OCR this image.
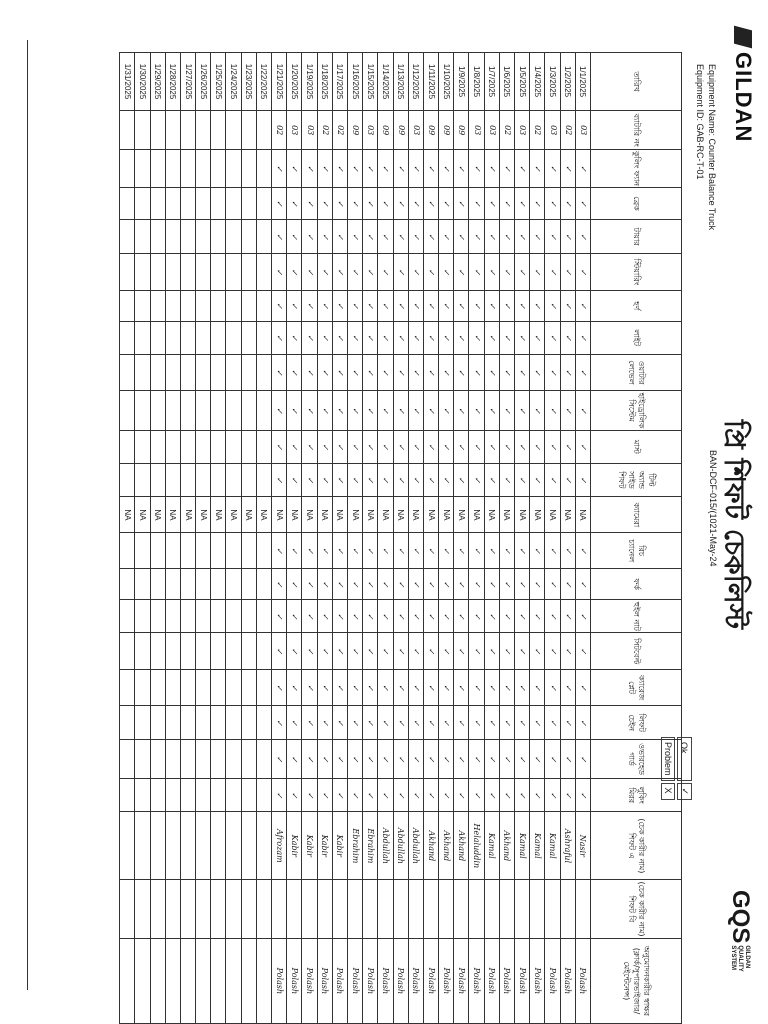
GILDAN
Equipment Name: Counter Balance Truck
Equipment ID: GAB-RC-T-01
প্রি শিফট চেকলিস্ট
BAN-DCF-015/(1021-May-24
GQSGILDAN QUALITY SYSTEM
Ok	✓
Problem	X
তারিখ	ব্যাটারি নং	কুলিং ফ্যান	ব্রেক	টায়ার	স্টিয়ারিং	হর্ণ	লাইট	ওয়াটার লেভেল	হাইড্রোলিক সিস্টেম	মাস্ট	টিল্ট অ্যান্ড সাইড শিফট	ক্যামেরা	রিচ চ্যানেল	ফর্ক	হুইল নাট	সিটবেল্ট	ক্যারেজ প্লেট	লিফট চেইন	ওভারহেড গার্ড	লুকিং মিরর	(চেক কারীর নাম) শিফট এ	(চেক কারীর নাম) শিফট বি	অনুমোদনকারীর স্বাক্ষর (ক্লার্ক/সুপারভাইজার/ মেইন্টেনেন্স)
1/1/2025	03	✓	✓	✓	✓	✓	✓	✓	✓	✓	✓	NA	✓	✓	✓	✓	✓	✓	✓	✓	Nasir		Polash
1/2/2025	02	✓	✓	✓	✓	✓	✓	✓	✓	✓	✓	NA	✓	✓	✓	✓	✓	✓	✓	✓	Ashraful		Polash
1/3/2025	03	✓	✓	✓	✓	✓	✓	✓	✓	✓	✓	NA	✓	✓	✓	✓	✓	✓	✓	✓	Kamal		Polash
1/4/2025	02	✓	✓	✓	✓	✓	✓	✓	✓	✓	✓	NA	✓	✓	✓	✓	✓	✓	✓	✓	Kamal		Polash
1/5/2025	03	✓	✓	✓	✓	✓	✓	✓	✓	✓	✓	NA	✓	✓	✓	✓	✓	✓	✓	✓	Kamal		Polash
1/6/2025	02	✓	✓	✓	✓	✓	✓	✓	✓	✓	✓	NA	✓	✓	✓	✓	✓	✓	✓	✓	Akhand		Polash
1/7/2025	03	✓	✓	✓	✓	✓	✓	✓	✓	✓	✓	NA	✓	✓	✓	✓	✓	✓	✓	✓	Kamal		Polash
1/8/2025	03	✓	✓	✓	✓	✓	✓	✓	✓	✓	✓	NA	✓	✓	✓	✓	✓	✓	✓	✓	Helaluddin		Polash
1/9/2025	09	✓	✓	✓	✓	✓	✓	✓	✓	✓	✓	NA	✓	✓	✓	✓	✓	✓	✓	✓	Akhand		Polash
1/10/2025	09	✓	✓	✓	✓	✓	✓	✓	✓	✓	✓	NA	✓	✓	✓	✓	✓	✓	✓	✓	Akhand		Polash
1/11/2025	09	✓	✓	✓	✓	✓	✓	✓	✓	✓	✓	NA	✓	✓	✓	✓	✓	✓	✓	✓	Akhand		Polash
1/12/2025	03	✓	✓	✓	✓	✓	✓	✓	✓	✓	✓	NA	✓	✓	✓	✓	✓	✓	✓	✓	Abdullah		Polash
1/13/2025	09	✓	✓	✓	✓	✓	✓	✓	✓	✓	✓	NA	✓	✓	✓	✓	✓	✓	✓	✓	Abdullah		Polash
1/14/2025	09	✓	✓	✓	✓	✓	✓	✓	✓	✓	✓	NA	✓	✓	✓	✓	✓	✓	✓	✓	Abdullah		Polash
1/15/2025	03	✓	✓	✓	✓	✓	✓	✓	✓	✓	✓	NA	✓	✓	✓	✓	✓	✓	✓	✓	Ebrahim		Polash
1/16/2025	09	✓	✓	✓	✓	✓	✓	✓	✓	✓	✓	NA	✓	✓	✓	✓	✓	✓	✓	✓	Ebrahim		Polash
1/17/2025	02	✓	✓	✓	✓	✓	✓	✓	✓	✓	✓	NA	✓	✓	✓	✓	✓	✓	✓	✓	Kabir		Polash
1/18/2025	02	✓	✓	✓	✓	✓	✓	✓	✓	✓	✓	NA	✓	✓	✓	✓	✓	✓	✓	✓	Kabir		Polash
1/19/2025	03	✓	✓	✓	✓	✓	✓	✓	✓	✓	✓	NA	✓	✓	✓	✓	✓	✓	✓	✓	Kabir		Polash
1/20/2025	03	✓	✓	✓	✓	✓	✓	✓	✓	✓	✓	NA	✓	✓	✓	✓	✓	✓	✓	✓	Kabir		Polash
1/21/2025	02	✓	✓	✓	✓	✓	✓	✓	✓	✓	✓	NA	✓	✓	✓	✓	✓	✓	✓	✓	Afrozam		Polash
1/22/2025												NA											
1/23/2025												NA											
1/24/2025												NA											
1/25/2025												NA											
1/26/2025												NA											
1/27/2025												NA											
1/28/2025												NA											
1/29/2025												NA											
1/30/2025												NA											
1/31/2025												NA											
